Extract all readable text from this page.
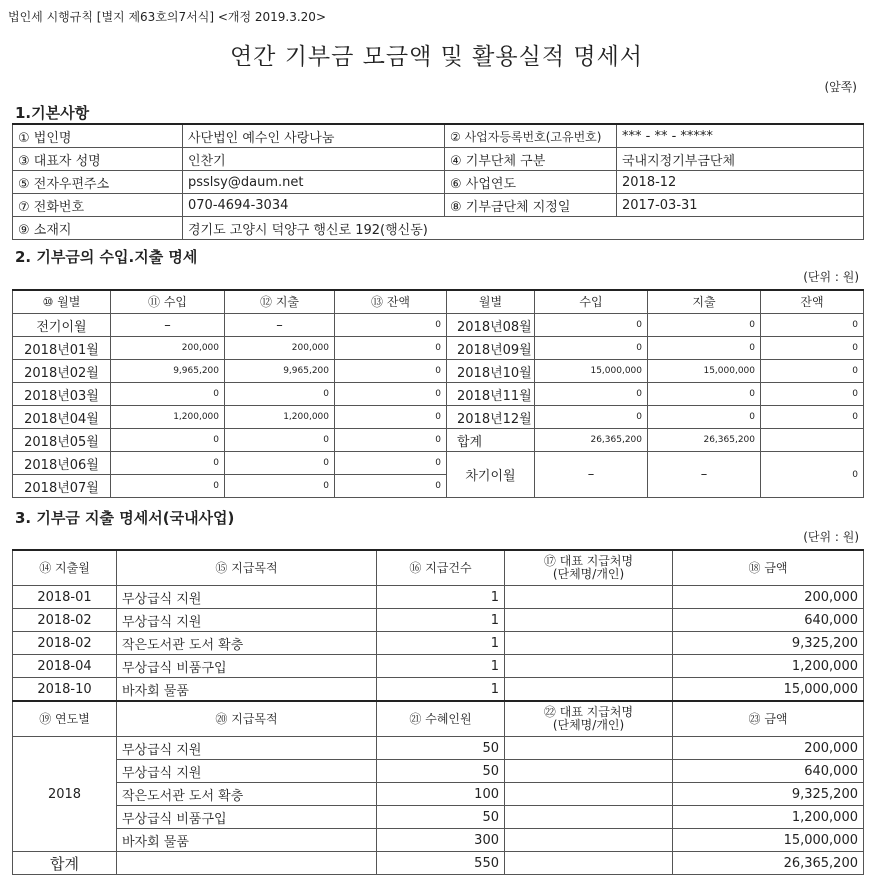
법인세 시행규칙 [별지 제63호의7서식] <개정 2019.3.20>
연간 기부금 모금액 및 활용실적 명세서
(앞쪽)
1.기본사항
① 법인명	사단법인 예수인 사랑나눔	② 사업자등록번호(고유번호)	*** - ** - *****
③ 대표자 성명	인찬기	④ 기부단체 구분	국내지정기부금단체
⑤ 전자우편주소	psslsy@daum.net	⑥ 사업연도	2018-12
⑦ 전화번호	070-4694-3034	⑧ 기부금단체 지정일	2017-03-31
⑨ 소재지	경기도 고양시 덕양구 행신로 192(행신동)		
2. 기부금의 수입.지출 명세
(단위 : 원)
⑩ 월별	⑪ 수입	⑫ 지출	⑬ 잔액	월별	수입	지출	잔액
전기이월	–	–	0	2018년08월	0	0	0
2018년01월	200,000	200,000	0	2018년09월	0	0	0
2018년02월	9,965,200	9,965,200	0	2018년10월	15,000,000	15,000,000	0
2018년03월	0	0	0	2018년11월	0	0	0
2018년04월	1,200,000	1,200,000	0	2018년12월	0	0	0
2018년05월	0	0	0	합계	26,365,200	26,365,200	
2018년06월	0	0	0	차기이월	–	–	0
2018년07월	0	0	0				
3. 기부금 지출 명세서(국내사업)
(단위 : 원)
⑭ 지출월	⑮ 지급목적	⑯ 지급건수	⑰ 대표 지급처명
(단체명/개인)	⑱ 금액
2018-01	무상급식 지원	1		200,000
2018-02	무상급식 지원	1		640,000
2018-02	작은도서관 도서 확충	1		9,325,200
2018-04	무상급식 비품구입	1		1,200,000
2018-10	바자회 물품	1		15,000,000
⑲ 연도별	⑳ 지급목적	㉑ 수혜인원	㉒ 대표 지급처명
(단체명/개인)	㉓ 금액
2018	무상급식 지원	50		200,000
	무상급식 지원	50		640,000
	작은도서관 도서 확충	100		9,325,200
	무상급식 비품구입	50		1,200,000
	바자회 물품	300		15,000,000
합계		550		26,365,200
